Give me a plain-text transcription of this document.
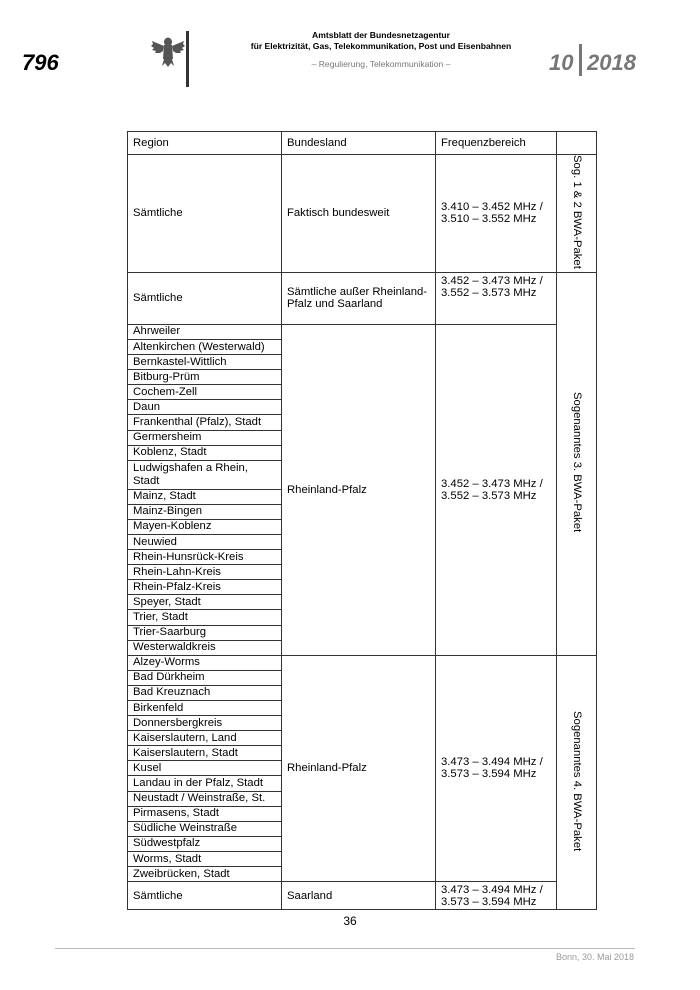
796
Amtsblatt der Bundesnetzagentur
für Elektrizität, Gas, Telekommunikation, Post und Eisenbahnen
– Regulierung, Telekommunikation –	10 2018
Region	Bundesland	Frequenzbereich	
Sämtliche	Faktisch bundesweit	3.410 – 3.452 MHz / 3.510 – 3.552 MHz	Sog. 1 & 2 BWA-Paket
Sämtliche	Sämtliche außer Rheinland-Pfalz und Saarland	3.452 – 3.473 MHz / 3.552 – 3.573 MHz	Sogenanntes 3. BWA-Paket
Ahrweiler	Rheinland-Pfalz	3.452 – 3.473 MHz / 3.552 – 3.573 MHz	
Altenkirchen (Westerwald)			
Bernkastel-Wittlich			
Bitburg-Prüm			
Cochem-Zell			
Daun			
Frankenthal (Pfalz), Stadt			
Germersheim			
Koblenz, Stadt			
Ludwigshafen a Rhein, Stadt			
Mainz, Stadt			
Mainz-Bingen			
Mayen-Koblenz			
Neuwied			
Rhein-Hunsrück-Kreis			
Rhein-Lahn-Kreis			
Rhein-Pfalz-Kreis			
Speyer, Stadt			
Trier, Stadt			
Trier-Saarburg			
Westerwaldkreis			
Alzey-Worms	Rheinland-Pfalz	3.473 – 3.494 MHz / 3.573 – 3.594 MHz	Sogenanntes 4. BWA-Paket
Bad Dürkheim			
Bad Kreuznach			
Birkenfeld			
Donnersbergkreis			
Kaiserslautern, Land			
Kaiserslautern, Stadt			
Kusel			
Landau in der Pfalz, Stadt			
Neustadt / Weinstraße, St.			
Pirmasens, Stadt			
Südliche Weinstraße			
Südwestpfalz			
Worms, Stadt			
Zweibrücken, Stadt			
Sämtliche	Saarland	3.473 – 3.494 MHz / 3.573 – 3.594 MHz	
36
Bonn, 30. Mai 2018
